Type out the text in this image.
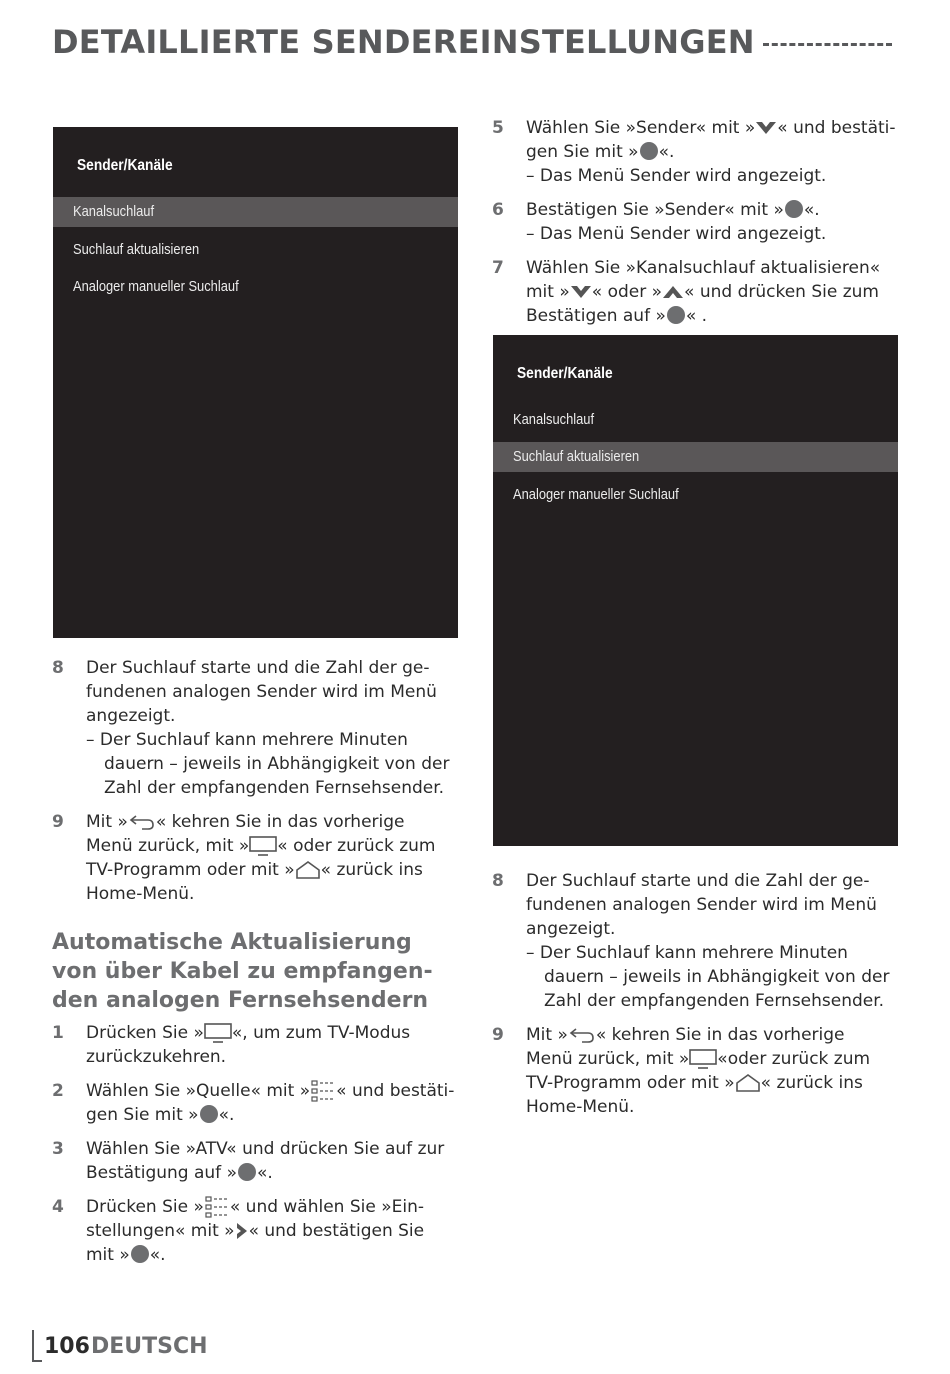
DETAILLIERTE SENDEREINSTELLUNGEN
Sender/Kanäle
Kanalsuchlauf
Suchlauf aktualisieren
Analoger manueller Suchlauf
Sender/Kanäle
Kanalsuchlauf
Suchlauf aktualisieren
Analoger manueller Suchlauf
8 Der Suchlauf starte und die Zahl der gefundenen analogen Sender wird im Menü angezeigt.

– Der Suchlauf kann mehrere Minuten dauern – jeweils in Abhängigkeit von der Zahl der empfangenden Fernsehsender.

9 Mit » « kehren Sie in das vorherige Menü zurück, mit » « oder zurück zum TV-Programm oder mit » « zurück ins Home-Menü.

Automatische Aktualisierung von über Kabel zu empfangenden analogen Fernsehsendern
1 Drücken Sie » «, um zum TV-Modus zurückzukehren.

2 Wählen Sie »Quelle« mit » « und bestätigen Sie mit » «.

3 Wählen Sie »ATV« und drücken Sie auf zur Bestätigung auf » «.

4 Drücken Sie » « und wählen Sie »Einstellungen« mit » « und bestätigen Sie mit » «.

5 Wählen Sie »Sender« mit » « und bestätigen Sie mit » «.

– Das Menü Sender wird angezeigt.

6 Bestätigen Sie »Sender« mit » «.

– Das Menü Sender wird angezeigt.

7 Wählen Sie »Kanalsuchlauf aktualisieren« mit » « oder » « und drücken Sie zum Bestätigen auf » « .

8 Der Suchlauf starte und die Zahl der gefundenen analogen Sender wird im Menü angezeigt.

– Der Suchlauf kann mehrere Minuten dauern – jeweils in Abhängigkeit von der Zahl der empfangenden Fernsehsender.

9 Mit » « kehren Sie in das vorherige Menü zurück, mit » «oder zurück zum TV-Programm oder mit » « zurück ins Home-Menü.

106 DEUTSCH
